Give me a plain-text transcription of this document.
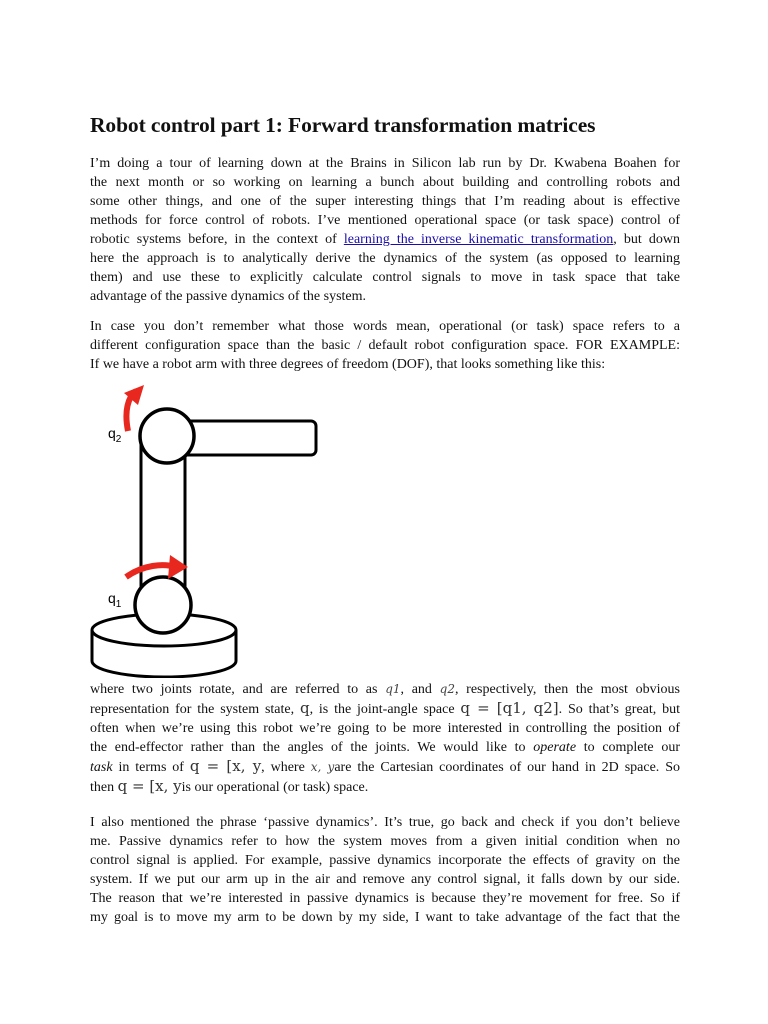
Robot control part 1: Forward transformation matrices
I’m doing a tour of learning down at the Brains in Silicon lab run by Dr. Kwabena Boahen for
the next month or so working on learning a bunch about building and controlling robots and
some other things, and one of the super interesting things that I’m reading about is effective
methods for force control of robots. I’ve mentioned operational space (or task space) control of
robotic systems before, in the context of learning the inverse kinematic transformation, but down
here the approach is to analytically derive the dynamics of the system (as opposed to learning
them) and use these to explicitly calculate control signals to move in task space that take
advantage of the passive dynamics of the system.
In case you don’t remember what those words mean, operational (or task) space refers to a
different configuration space than the basic / default robot configuration space. FOR EXAMPLE:
If we have a robot arm with three degrees of freedom (DOF), that looks something like this:
where two joints rotate, and are referred to as q1, and q2, respectively, then the most obvious
representation for the system state, q, is the joint-angle space q = [q1, q2]. So that’s great, but
often when we’re using this robot we’re going to be more interested in controlling the position of
the end-effector rather than the angles of the joints. We would like to operate to complete our
task in terms of q = [x, y, where x, yare the Cartesian coordinates of our hand in 2D space. So
then q = [x, yis our operational (or task) space.
I also mentioned the phrase ‘passive dynamics’. It’s true, go back and check if you don’t believe
me. Passive dynamics refer to how the system moves from a given initial condition when no
control signal is applied. For example, passive dynamics incorporate the effects of gravity on the
system. If we put our arm up in the air and remove any control signal, it falls down by our side.
The reason that we’re interested in passive dynamics is because they’re movement for free. So if
my goal is to move my arm to be down by my side, I want to take advantage of the fact that the
$q_2$
$q_1$
